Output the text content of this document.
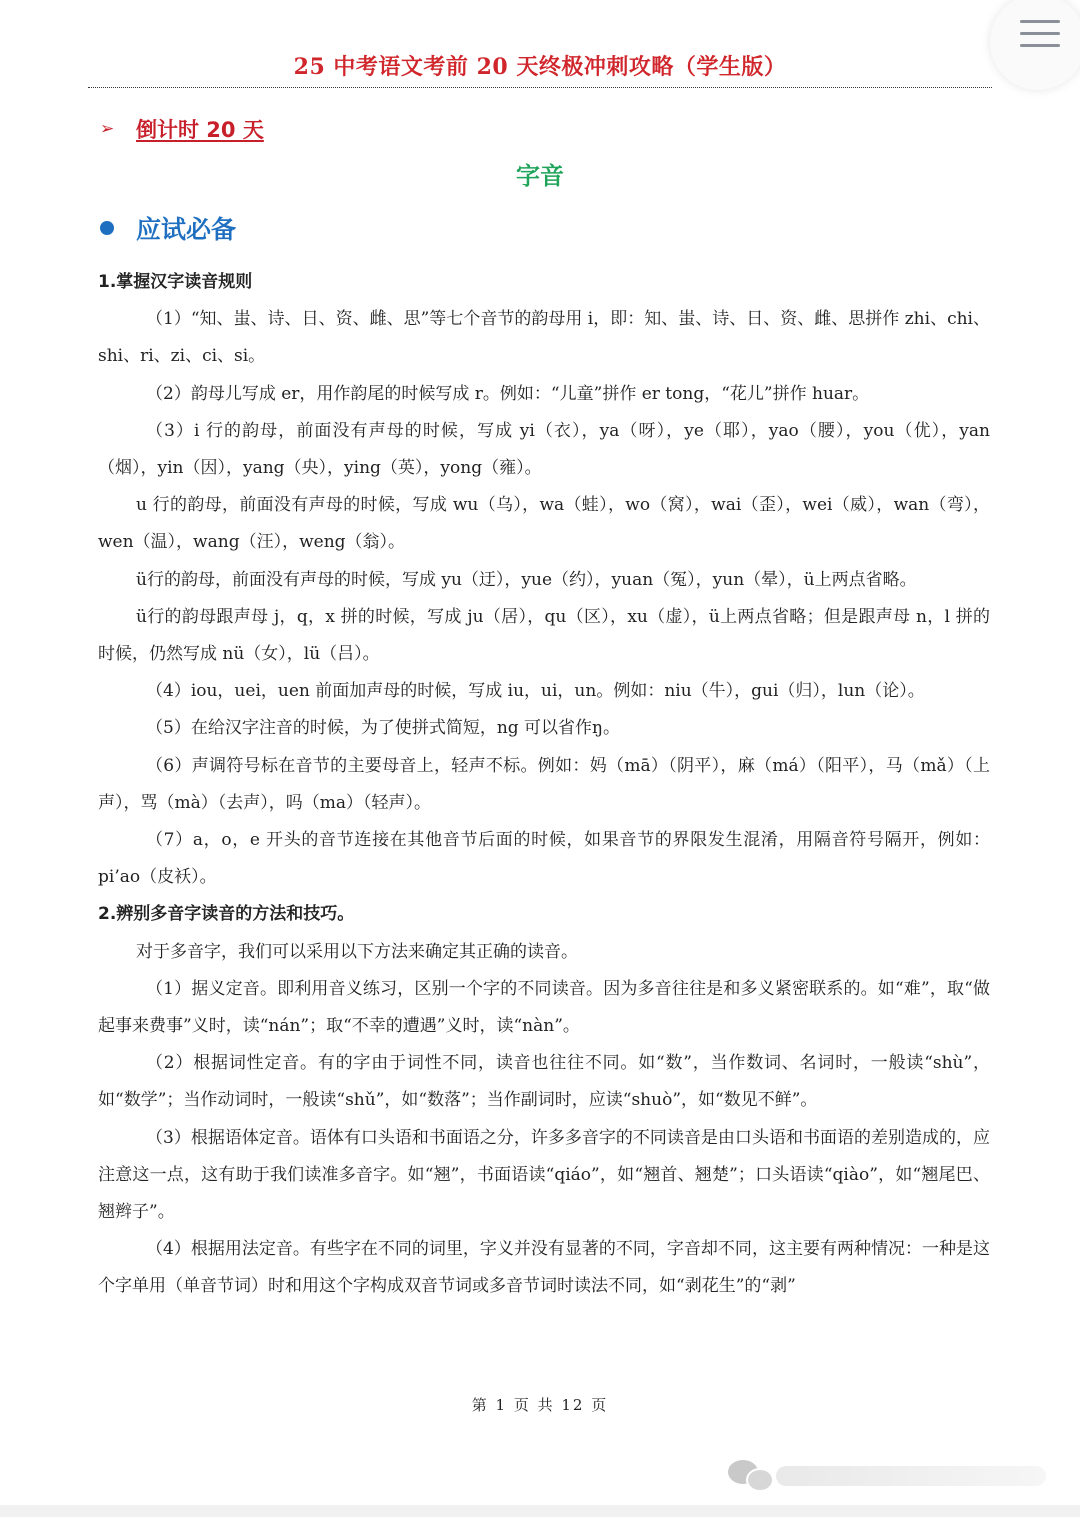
25 中考语文考前 20 天终极冲刺攻略（学生版）
➢	倒计时 20 天
字音
应试必备

1.掌握汉字读音规则

（1）“知、蚩、诗、日、资、雌、思”等七个音节的韵母用 i，即：知、蚩、诗、日、资、雌、思拼作 zhi、chi、shi、ri、zi、ci、si。

（2）韵母儿写成 er，用作韵尾的时候写成 r。例如：“儿童”拼作 er tong，“花儿”拼作 huar。

（3）i 行的韵母，前面没有声母的时候，写成 yi（衣），ya（呀），ye（耶），yao（腰），you（优），yan（烟），yin（因），yang（央），ying（英），yong（雍）。

u 行的韵母，前面没有声母的时候，写成 wu（乌），wa（蛙），wo（窝），wai（歪），wei（威），wan（弯），wen（温），wang（汪），weng（翁）。

ü行的韵母，前面没有声母的时候，写成 yu（迂），yue（约），yuan（冤），yun（晕），ü上两点省略。

ü行的韵母跟声母 j，q，x 拼的时候，写成 ju（居），qu（区），xu（虚），ü上两点省略；但是跟声母 n，l 拼的时候，仍然写成 nü（女），lü（吕）。

（4）iou，uei，uen 前面加声母的时候，写成 iu，ui，un。例如：niu（牛），gui（归），lun（论）。

（5）在给汉字注音的时候，为了使拼式简短，ng 可以省作ŋ。

（6）声调符号标在音节的主要母音上，轻声不标。例如：妈（mā）（阴平），麻（má）（阳平），马（mǎ）（上声），骂（mà）（去声），吗（ma）（轻声）。

（7）a，o，e 开头的音节连接在其他音节后面的时候，如果音节的界限发生混淆，用隔音符号隔开，例如：pi’ao（皮袄）。

2.辨别多音字读音的方法和技巧。

对于多音字，我们可以采用以下方法来确定其正确的读音。

（1）据义定音。即利用音义练习，区别一个字的不同读音。因为多音往往是和多义紧密联系的。如“难”，取“做起事来费事”义时，读“nán”；取“不幸的遭遇”义时，读“nàn”。

（2）根据词性定音。有的字由于词性不同，读音也往往不同。如“数”，当作数词、名词时，一般读“shù”，如“数学”；当作动词时，一般读“shǔ”，如“数落”；当作副词时，应读“shuò”，如“数见不鲜”。

（3）根据语体定音。语体有口头语和书面语之分，许多多音字的不同读音是由口头语和书面语的差别造成的，应注意这一点，这有助于我们读准多音字。如“翘”，书面语读“qiáo”，如“翘首、翘楚”；口头语读“qiào”，如“翘尾巴、翘辫子”。

（4）根据用法定音。有些字在不同的词里，字义并没有显著的不同，字音却不同，这主要有两种情况：一种是这个字单用（单音节词）时和用这个字构成双音节词或多音节词时读法不同，如“剥花生”的“剥”

第 1 页 共 12 页
